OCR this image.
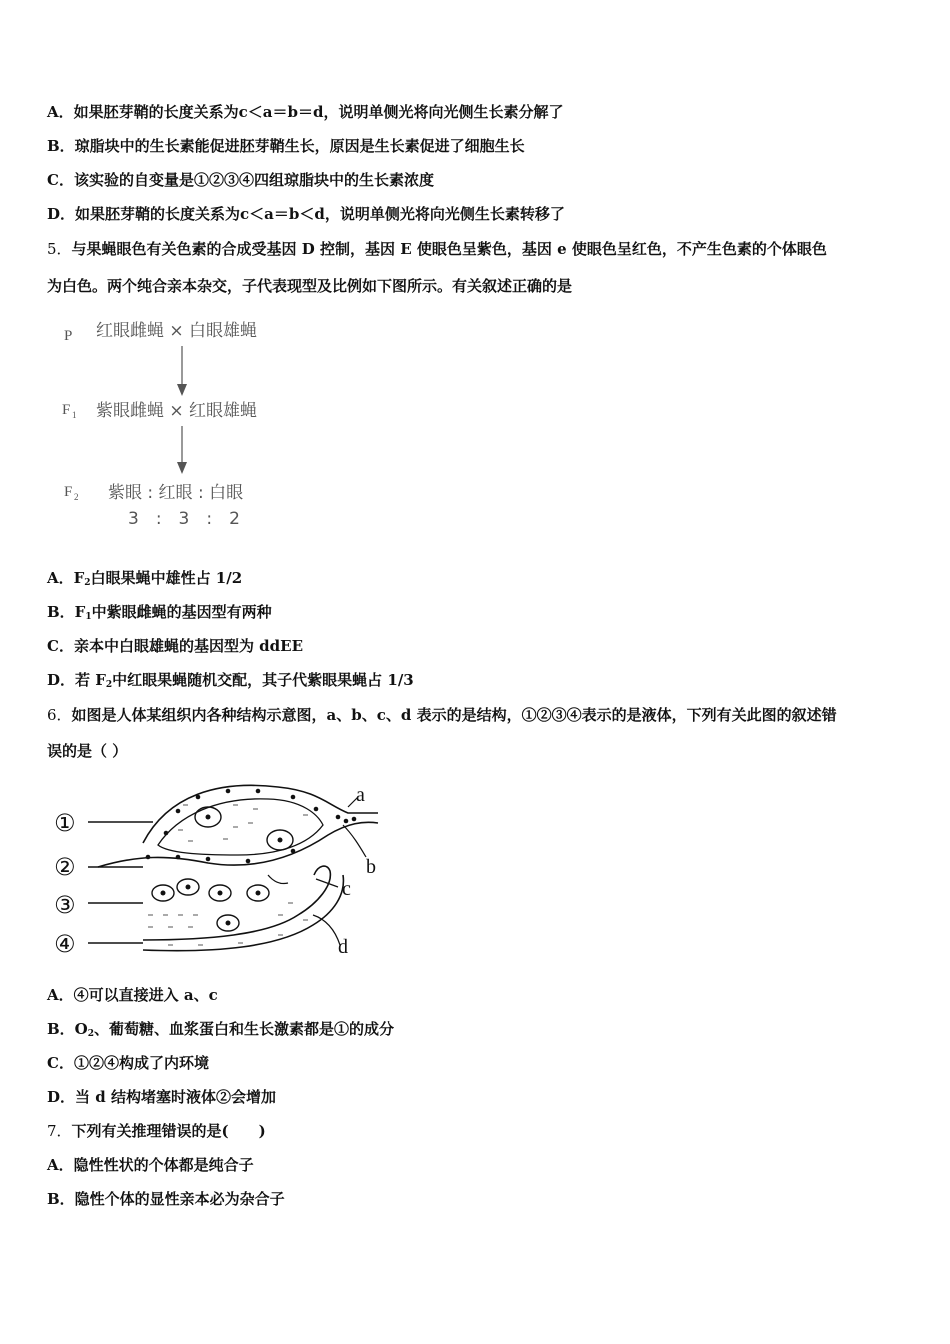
A．如果胚芽鞘的长度关系为c＜a＝b＝d，说明单侧光将向光侧生长素分解了
B．琼脂块中的生长素能促进胚芽鞘生长，原因是生长素促进了细胞生长
C．该实验的自变量是①②③④四组琼脂块中的生长素浓度
D．如果胚芽鞘的长度关系为c＜a＝b＜d，说明单侧光将向光侧生长素转移了
5．与果蝇眼色有关色素的合成受基因 D 控制，基因 E 使眼色呈紫色，基因 e 使眼色呈红色，不产生色素的个体眼色
为白色。两个纯合亲本杂交，子代表现型及比例如下图所示。有关叙述正确的是
P 红眼雌蝇 × 白眼雄蝇
F 1 紫眼雌蝇 × 红眼雄蝇
F 2 紫眼 : 红眼 : 白眼
3　:　3　:　2
A．$F_2$白眼果蝇中雄性占 1/2
B．$F_1$中紫眼雌蝇的基因型有两种
C．亲本中白眼雄蝇的基因型为 ddEE
D．若 $F_2$中红眼果蝇随机交配，其子代紫眼果蝇占 1/3
6．如图是人体某组织内各种结构示意图，a、b、c、d 表示的是结构，①②③④表示的是液体，下列有关此图的叙述错
误的是（ ）
①
②
③
④
a
b
c
d
A．④可以直接进入 a、c
B．$O_2$、葡萄糖、血浆蛋白和生长激素都是①的成分
C．①②④构成了内环境
D．当 d 结构堵塞时液体②会增加
7．下列有关推理错误的是(　　)
A．隐性性状的个体都是纯合子
B．隐性个体的显性亲本必为杂合子
